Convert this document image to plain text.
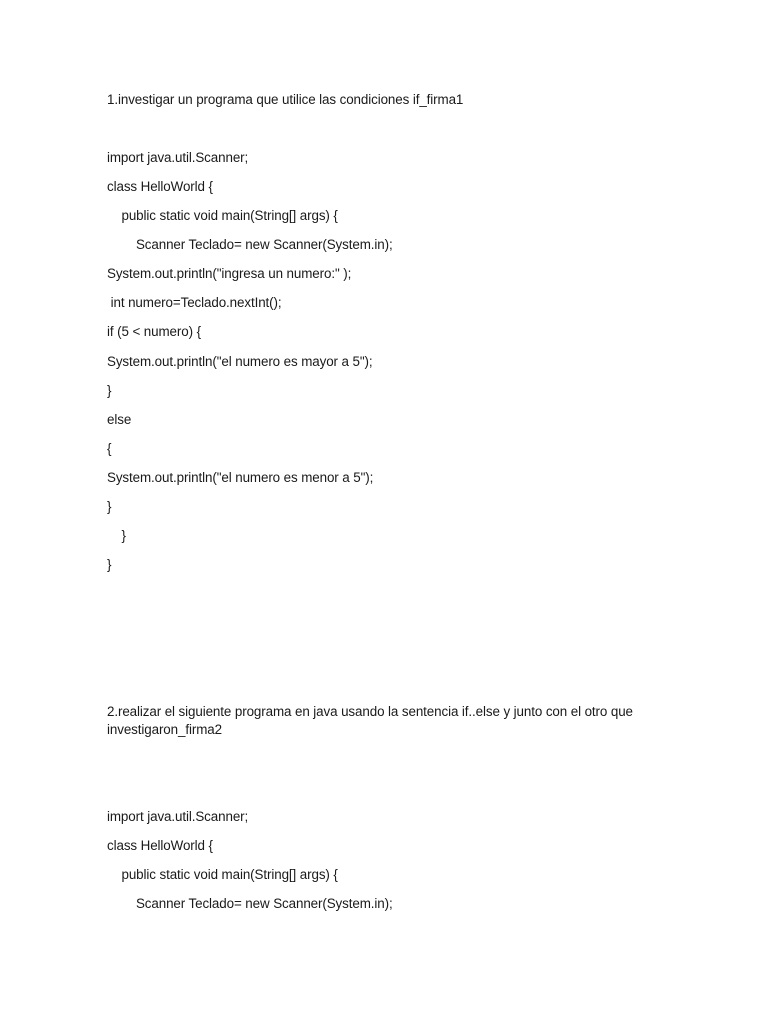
1.investigar un programa que utilice las condiciones if_firma1
import java.util.Scanner;
class HelloWorld {
public static void main(String[] args) {
Scanner Teclado= new Scanner(System.in);
System.out.println("ingresa un numero:" );
int numero=Teclado.nextInt();
if (5 < numero) {
System.out.println("el numero es mayor a 5");
}
else
{
System.out.println("el numero es menor a 5");
}
}
}
2.realizar el siguiente programa en java usando la sentencia if..else y junto con el otro que investigaron_firma2
import java.util.Scanner;
class HelloWorld {
public static void main(String[] args) {
Scanner Teclado= new Scanner(System.in);
